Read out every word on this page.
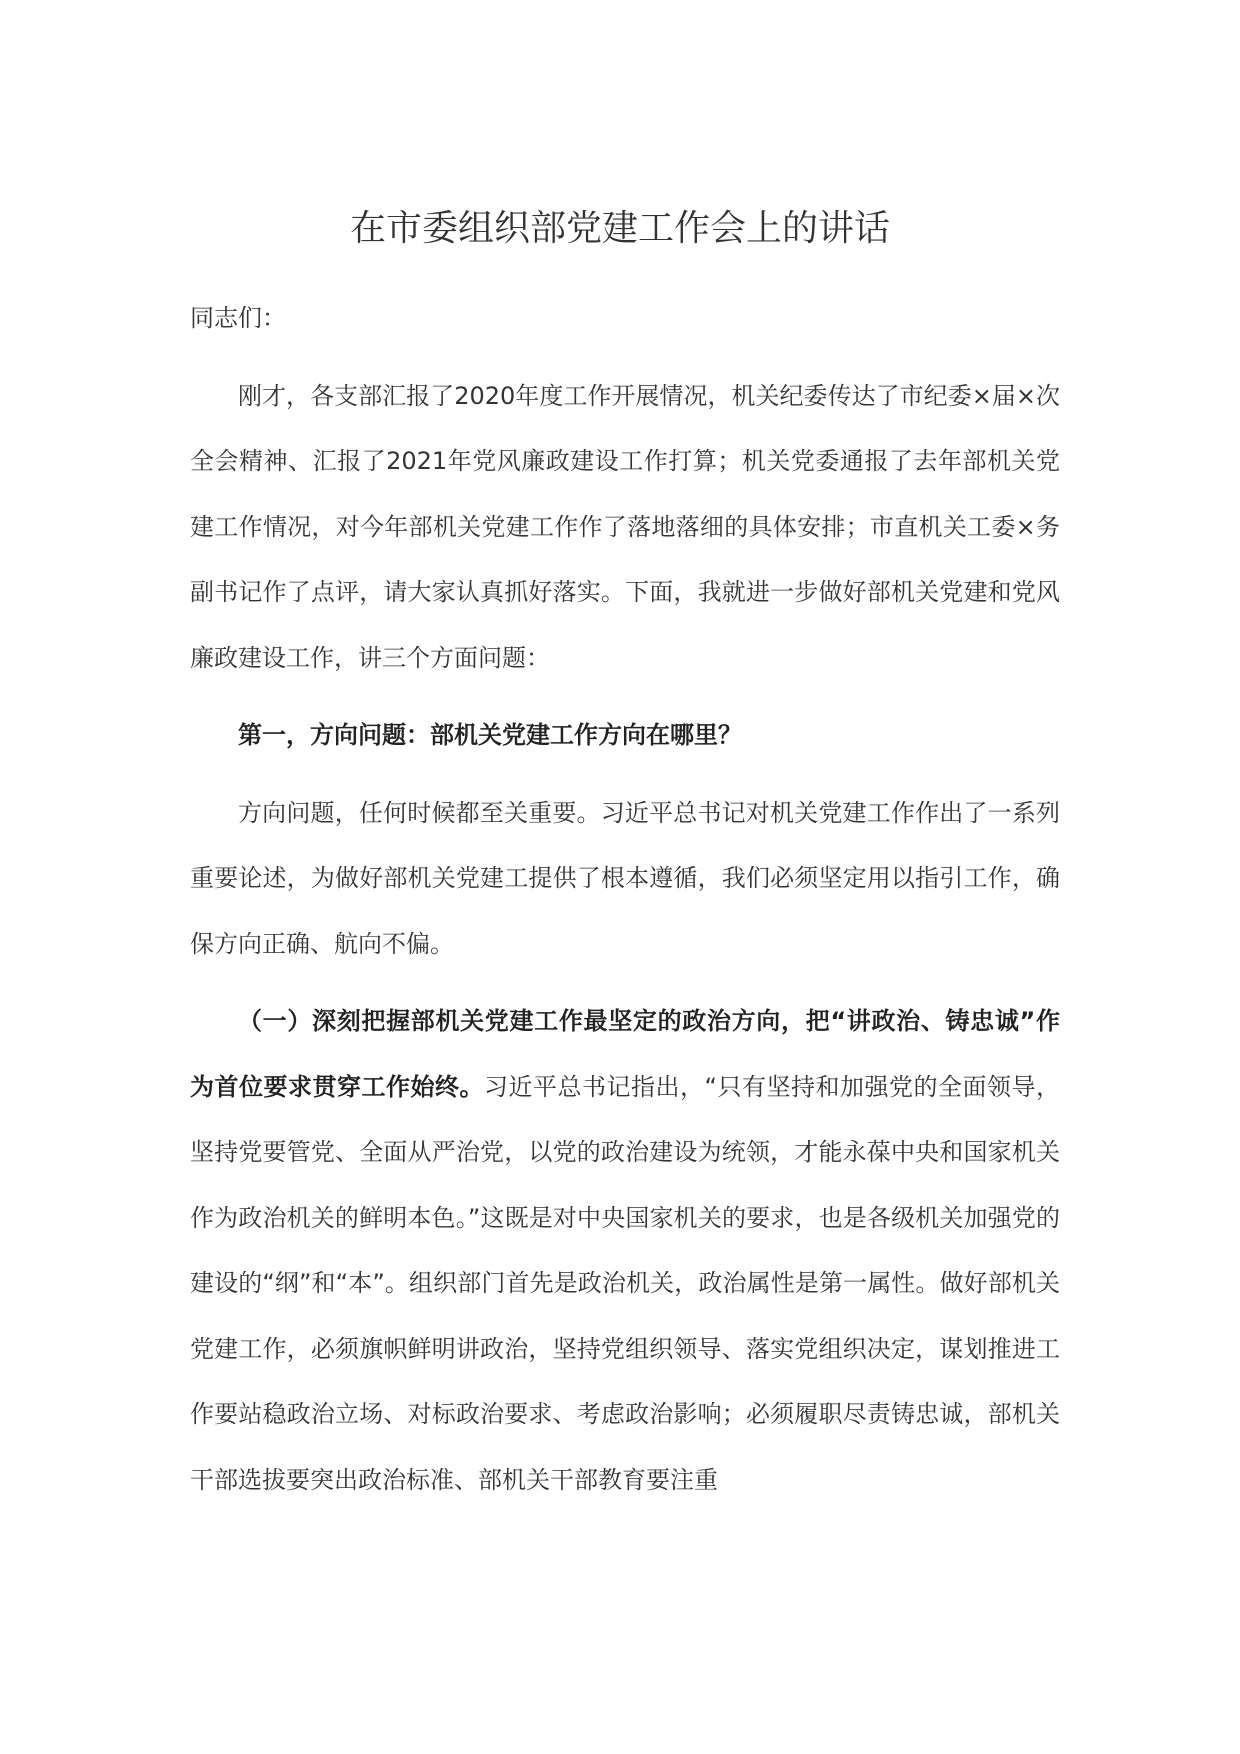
在市委组织部党建工作会上的讲话

同志们：

刚才，各支部汇报了2020年度工作开展情况，机关纪委传达了市纪委×届×次全会精神、汇报了2021年党风廉政建设工作打算；机关党委通报了去年部机关党建工作情况，对今年部机关党建工作作了落地落细的具体安排；市直机关工委×务副书记作了点评，请大家认真抓好落实。下面，我就进一步做好部机关党建和党风廉政建设工作，讲三个方面问题：

第一，方向问题：部机关党建工作方向在哪里？

方向问题，任何时候都至关重要。习近平总书记对机关党建工作作出了一系列重要论述，为做好部机关党建工提供了根本遵循，我们必须坚定用以指引工作，确保方向正确、航向不偏。

（一）深刻把握部机关党建工作最坚定的政治方向，把“讲政治、铸忠诚”作为首位要求贯穿工作始终。习近平总书记指出，“只有坚持和加强党的全面领导，坚持党要管党、全面从严治党，以党的政治建设为统领，才能永葆中央和国家机关作为政治机关的鲜明本色。”这既是对中央国家机关的要求，也是各级机关加强党的建设的“纲”和“本”。组织部门首先是政治机关，政治属性是第一属性。做好部机关党建工作，必须旗帜鲜明讲政治，坚持党组织领导、落实党组织决定，谋划推进工作要站稳政治立场、对标政治要求、考虑政治影响；必须履职尽责铸忠诚，部机关干部选拔要突出政治标准、部机关干部教育要注重
